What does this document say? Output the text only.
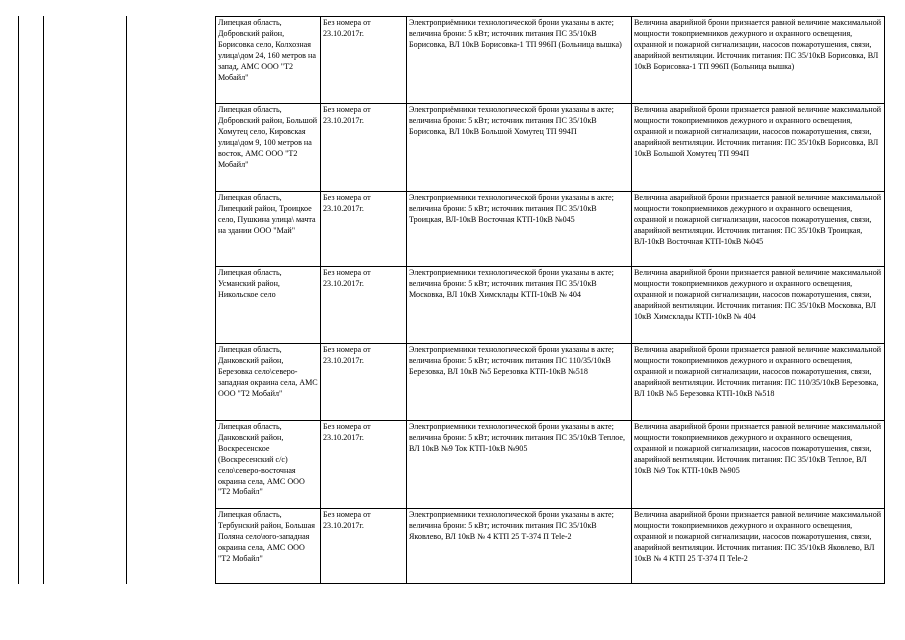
Липецкая область, Добровский район, Борисовка село, Колхозная улица\дом 24, 160 метров на запад, АМС ООО "Т2 Мобайл"	Без номера от 23.10.2017г.	Электроприёмники технологической брони указаны в акте; величина брони: 5 кВт; источник питания ПС 35/10кВ Борисовка, ВЛ 10кВ Борисовка-1 ТП 996П (Больница вышка)	Величина аварийной брони признается равной величине максимальной мощности токоприемников дежурного и охранного освещения, охранной и пожарной сигнализации, насосов пожаротушения, связи, аварийной вентиляции. Источник питания: ПС 35/10кВ Борисовка, ВЛ 10кВ Борисовка-1 ТП 996П (Больница вышка)
Липецкая область, Добровский район, Большой Хомутец село, Кировская улица\дом 9, 100 метров на восток, АМС ООО "Т2 Мобайл"	Без номера от 23.10.2017г.	Электроприёмники технологической брони указаны в акте; величина брони: 5 кВт; источник питания ПС 35/10кВ Борисовка, ВЛ 10кВ Большой Хомутец ТП 994П	Величина аварийной брони признается равной величине максимальной мощности токоприемников дежурного и охранного освещения, охранной и пожарной сигнализации, насосов пожаротушения, связи, аварийной вентиляции. Источник питания: ПС 35/10кВ Борисовка, ВЛ 10кВ Большой Хомутец ТП 994П
Липецкая область, Липецкий район, Троицкое село, Пушкина улица\ мачта на здании ООО "Май"	Без номера от 23.10.2017г.	Электроприемники технологической брони указаны в акте; величина брони: 5 кВт; источник питания ПС 35/10кВ Троицкая, ВЛ-10кВ Восточная КТП-10кВ №045	Величина аварийной брони признается равной величине максимальной мощности токоприемников дежурного и охранного освещения, охранной и пожарной сигнализации, насосов пожаротушения, связи, аварийной вентиляции. Источник питания: ПС 35/10кВ Троицкая, ВЛ-10кВ Восточная КТП-10кВ №045
Липецкая область, Усманский район, Никольское село	Без номера от 23.10.2017г.	Электроприемники технологической брони указаны в акте; величина брони: 5 кВт; источник питания ПС 35/10кВ Московка, ВЛ 10кВ Химсклады КТП-10кВ № 404	Величина аварийной брони признается равной величине максимальной мощности токоприемников дежурного и охранного освещения, охранной и пожарной сигнализации, насосов пожаротушения, связи, аварийной вентиляции. Источник питания: ПС 35/10кВ Московка, ВЛ 10кВ Химсклады КТП-10кВ № 404
Липецкая область, Данковский район, Березовка село\северо-западная окраина села, АМС ООО "Т2 Мобайл"	Без номера от 23.10.2017г.	Электроприемники технологической брони указаны в акте; величина брони: 5 кВт; источник питания ПС 110/35/10кВ Березовка, ВЛ 10кВ №5 Березовка КТП-10кВ №518	Величина аварийной брони признается равной величине максимальной мощности токоприемников дежурного и охранного освещения, охранной и пожарной сигнализации, насосов пожаротушения, связи, аварийной вентиляции. Источник питания: ПС 110/35/10кВ Березовка, ВЛ 10кВ №5 Березовка КТП-10кВ №518
Липецкая область, Данковский район, Воскресенское (Воскресенский с/с) село\северо-восточная окраина села, АМС ООО "Т2 Мобайл"	Без номера от 23.10.2017г.	Электроприемники технологической брони указаны в акте; величина брони: 5 кВт; источник питания ПС 35/10кВ Теплое, ВЛ 10кВ №9 Ток КТП-10кВ №905	Величина аварийной брони признается равной величине максимальной мощности токоприемников дежурного и охранного освещения, охранной и пожарной сигнализации, насосов пожаротушения, связи, аварийной вентиляции. Источник питания: ПС 35/10кВ Теплое, ВЛ 10кВ №9 Ток КТП-10кВ №905
Липецкая область, Тербунский район, Большая Поляна село\юго-западная окраина села, АМС ООО "Т2 Мобайл"	Без номера от 23.10.2017г.	Электроприемники технологической брони указаны в акте; величина брони: 5 кВт; источник питания ПС 35/10кВ Яковлево, ВЛ 10кВ № 4 КТП 25 Т-374 П Tele-2	Величина аварийной брони признается равной величине максимальной мощности токоприемников дежурного и охранного освещения, охранной и пожарной сигнализации, насосов пожаротушения, связи, аварийной вентиляции. Источник питания: ПС 35/10кВ Яковлево, ВЛ 10кВ № 4 КТП 25 Т-374 П Tele-2
